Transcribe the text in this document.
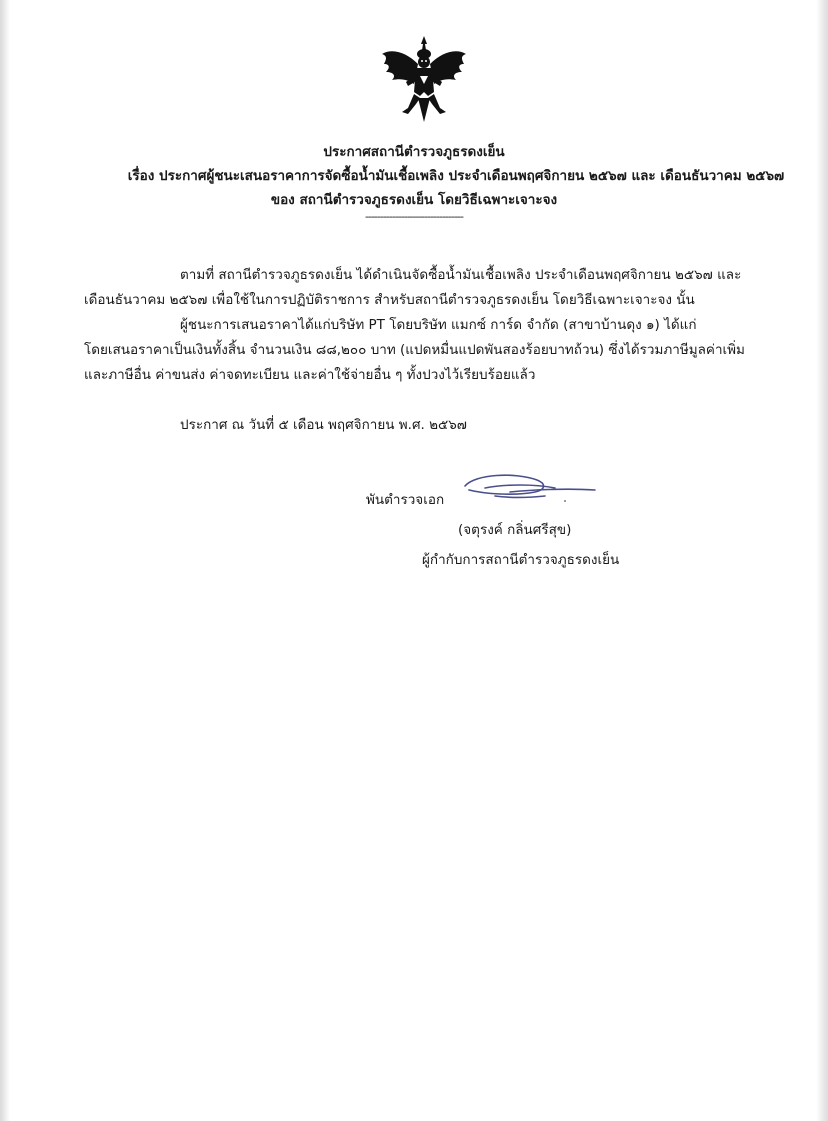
ประกาศสถานีตำรวจภูธรดงเย็น
เรื่อง ประกาศผู้ชนะเสนอราคาการจัดซื้อน้ำมันเชื้อเพลิง ประจำเดือนพฤศจิกายน ๒๕๖๗ และ เดือนธันวาคม ๒๕๖๗
ของ สถานีตำรวจภูธรดงเย็น โดยวิธีเฉพาะเจาะจง
---------------------------------
ตามที่ สถานีตำรวจภูธรดงเย็น ได้ดำเนินจัดซื้อน้ำมันเชื้อเพลิง ประจำเดือนพฤศจิกายน ๒๕๖๗ และ
เดือนธันวาคม ๒๕๖๗ เพื่อใช้ในการปฏิบัติราชการ สำหรับสถานีตำรวจภูธรดงเย็น โดยวิธีเฉพาะเจาะจง นั้น
ผู้ชนะการเสนอราคาได้แก่บริษัท PT โดยบริษัท แมกซ์ การ์ด จำกัด (สาขาบ้านดุง ๑) ได้แก่
โดยเสนอราคาเป็นเงินทั้งสิ้น จำนวนเงิน ๘๘,๒๐๐ บาท (แปดหมื่นแปดพันสองร้อยบาทถ้วน) ซึ่งได้รวมภาษีมูลค่าเพิ่ม
และภาษีอื่น ค่าขนส่ง ค่าจดทะเบียน และค่าใช้จ่ายอื่น ๆ ทั้งปวงไว้เรียบร้อยแล้ว
ประกาศ ณ วันที่ ๕ เดือน พฤศจิกายน พ.ศ. ๒๕๖๗
พันตำรวจเอก
(จตุรงค์ กลิ่นศรีสุข)
ผู้กำกับการสถานีตำรวจภูธรดงเย็น
